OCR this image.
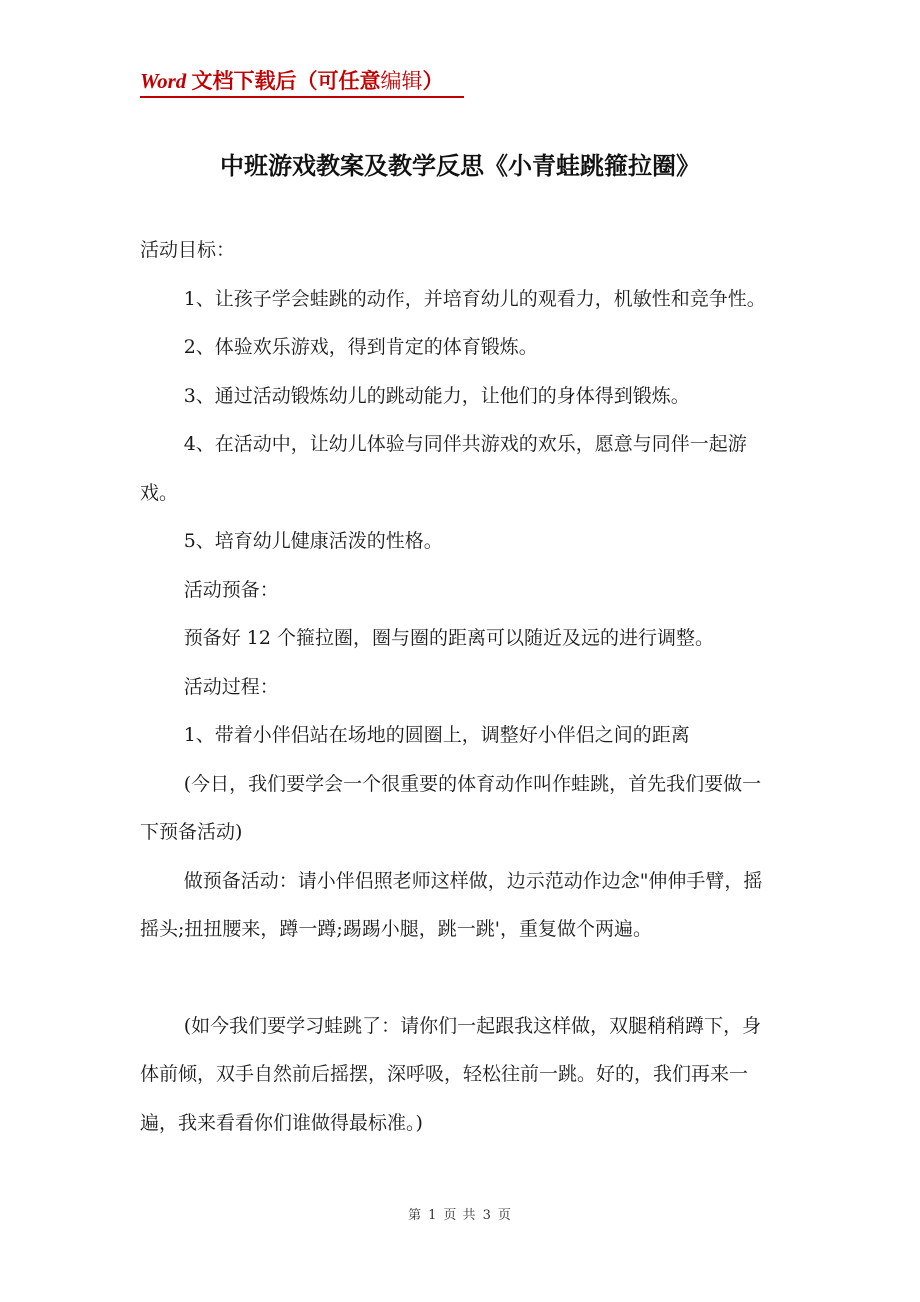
Word 文档下载后（可任意编辑）
中班游戏教案及教学反思《小青蛙跳箍拉圈》

活动目标：

1、让孩子学会蛙跳的动作，并培育幼儿的观看力，机敏性和竞争性。

2、体验欢乐游戏，得到肯定的体育锻炼。

3、通过活动锻炼幼儿的跳动能力，让他们的身体得到锻炼。

4、在活动中，让幼儿体验与同伴共游戏的欢乐，愿意与同伴一起游戏。

5、培育幼儿健康活泼的性格。

活动预备：

预备好 12 个箍拉圈，圈与圈的距离可以随近及远的进行调整。

活动过程：

1、带着小伴侣站在场地的圆圈上，调整好小伴侣之间的距离

(今日，我们要学会一个很重要的体育动作叫作蛙跳，首先我们要做一下预备活动)

做预备活动：请小伴侣照老师这样做，边示范动作边念"伸伸手臂，摇摇头;扭扭腰来，蹲一蹲;踢踢小腿，跳一跳'，重复做个两遍。

(如今我们要学习蛙跳了：请你们一起跟我这样做，双腿稍稍蹲下，身体前倾，双手自然前后摇摆，深呼吸，轻松往前一跳。好的，我们再来一遍，我来看看你们谁做得最标准。)

第 1 页 共 3 页
